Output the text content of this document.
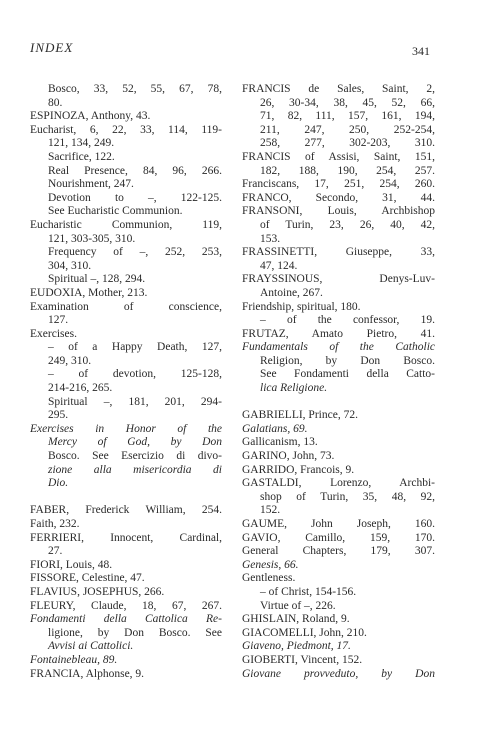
INDEX	341
Bosco, 33, 52, 55, 67, 78,
80.
ESPINOZA, Anthony, 43.
Eucharist, 6, 22, 33, 114, 119-
121, 134, 249.
Sacrifice, 122.
Real Presence, 84, 96, 266.
Nourishment, 247.
Devotion to –, 122-125.
See Eucharistic Communion.
Eucharistic Communion, 119,
121, 303-305, 310.
Frequency of –, 252, 253,
304, 310.
Spiritual –, 128, 294.
EUDOXIA, Mother, 213.
Examination of conscience,
127.
Exercises.
– of a Happy Death, 127,
249, 310.
– of devotion, 125-128,
214-216, 265.
Spiritual –, 181, 201, 294-
295.
Exercises in Honor of the
Mercy of God, by Don
Bosco. See Esercizio di divo-
zione alla misericordia di
Dio.
FABER, Frederick William, 254.
Faith, 232.
FERRIERI, Innocent, Cardinal,
27.
FIORI, Louis, 48.
FISSORE, Celestine, 47.
FLAVIUS, JOSEPHUS, 266.
FLEURY, Claude, 18, 67, 267.
Fondamenti della Cattolica Re-
ligione, by Don Bosco. See
Avvisi ai Cattolici.
Fontainebleau, 89.
FRANCIA, Alphonse, 9.
FRANCIS de Sales, Saint, 2,
26, 30-34, 38, 45, 52, 66,
71, 82, 111, 157, 161, 194,
211, 247, 250, 252-254,
258, 277, 302-203, 310.
FRANCIS of Assisi, Saint, 151,
182, 188, 190, 254, 257.
Franciscans, 17, 251, 254, 260.
FRANCO, Secondo, 31, 44.
FRANSONI, Louis, Archbishop
of Turin, 23, 26, 40, 42,
153.
FRASSINETTI, Giuseppe, 33,
47, 124.
FRAYSSINOUS, Denys-Luv-
Antoine, 267.
Friendship, spiritual, 180.
– of the confessor, 19.
FRUTAZ, Amato Pietro, 41.
Fundamentals of the Catholic
Religion, by Don Bosco.
See Fondamenti della Catto-
lica Religione.
GABRIELLI, Prince, 72.
Galatians, 69.
Gallicanism, 13.
GARINO, John, 73.
GARRIDO, Francois, 9.
GASTALDI, Lorenzo, Archbi-
shop of Turin, 35, 48, 92,
152.
GAUME, John Joseph, 160.
GAVIO, Camillo, 159, 170.
General Chapters, 179, 307.
Genesis, 66.
Gentleness.
– of Christ, 154-156.
Virtue of –, 226.
GHISLAIN, Roland, 9.
GIACOMELLI, John, 210.
Giaveno, Piedmont, 17.
GIOBERTI, Vincent, 152.
Giovane provveduto, by Don
